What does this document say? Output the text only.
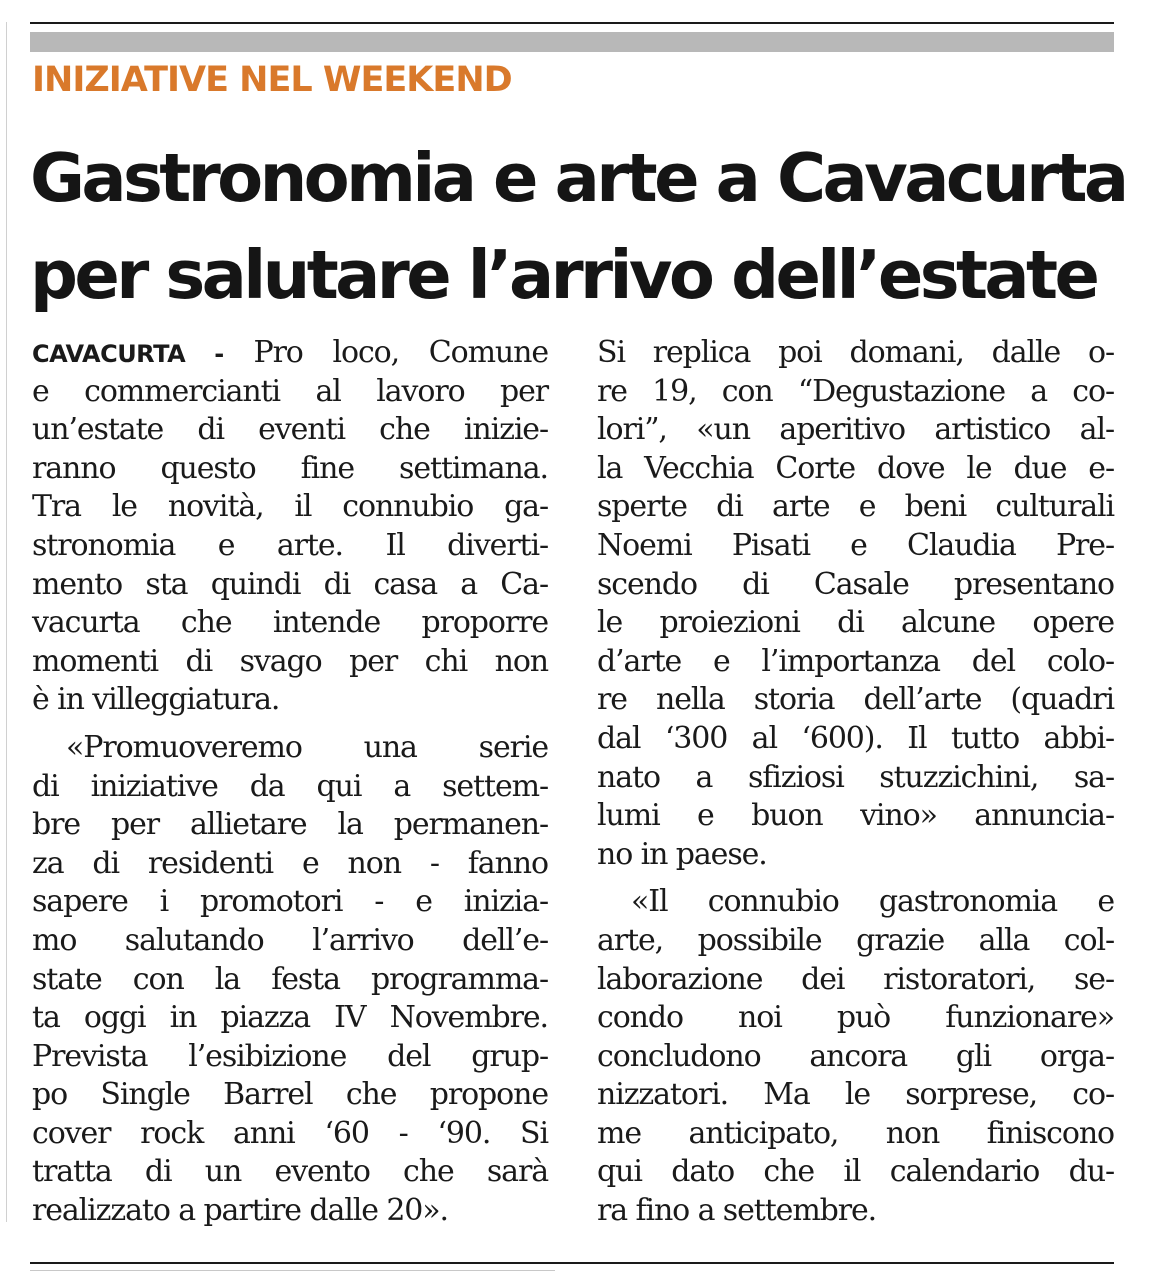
INIZIATIVE NEL WEEKEND
Gastronomia e arte a Cavacurta
per salutare l’arrivo dell’estate
CAVACURTA - Pro loco, Comune
e commercianti al lavoro per
un’estate di eventi che inizie-
ranno questo fine settimana.
Tra le novità, il connubio ga-
stronomia e arte. Il diverti-
mento sta quindi di casa a Ca-
vacurta che intende proporre
momenti di svago per chi non
è in villeggiatura.
«Promuoveremo una serie
di iniziative da qui a settem-
bre per allietare la permanen-
za di residenti e non - fanno
sapere i promotori - e inizia-
mo salutando l’arrivo dell’e-
state con la festa programma-
ta oggi in piazza IV Novembre.
Prevista l’esibizione del grup-
po Single Barrel che propone
cover rock anni ‘60 - ‘90. Si
tratta di un evento che sarà
realizzato a partire dalle 20».
Si replica poi domani, dalle o-
re 19, con “Degustazione a co-
lori”, «un aperitivo artistico al-
la Vecchia Corte dove le due e-
sperte di arte e beni culturali
Noemi Pisati e Claudia Pre-
scendo di Casale presentano
le proiezioni di alcune opere
d’arte e l’importanza del colo-
re nella storia dell’arte (quadri
dal ‘300 al ‘600). Il tutto abbi-
nato a sfiziosi stuzzichini, sa-
lumi e buon vino» annuncia-
no in paese.
«Il connubio gastronomia e
arte, possibile grazie alla col-
laborazione dei ristoratori, se-
condo noi può funzionare»
concludono ancora gli orga-
nizzatori. Ma le sorprese, co-
me anticipato, non finiscono
qui dato che il calendario du-
ra fino a settembre.
